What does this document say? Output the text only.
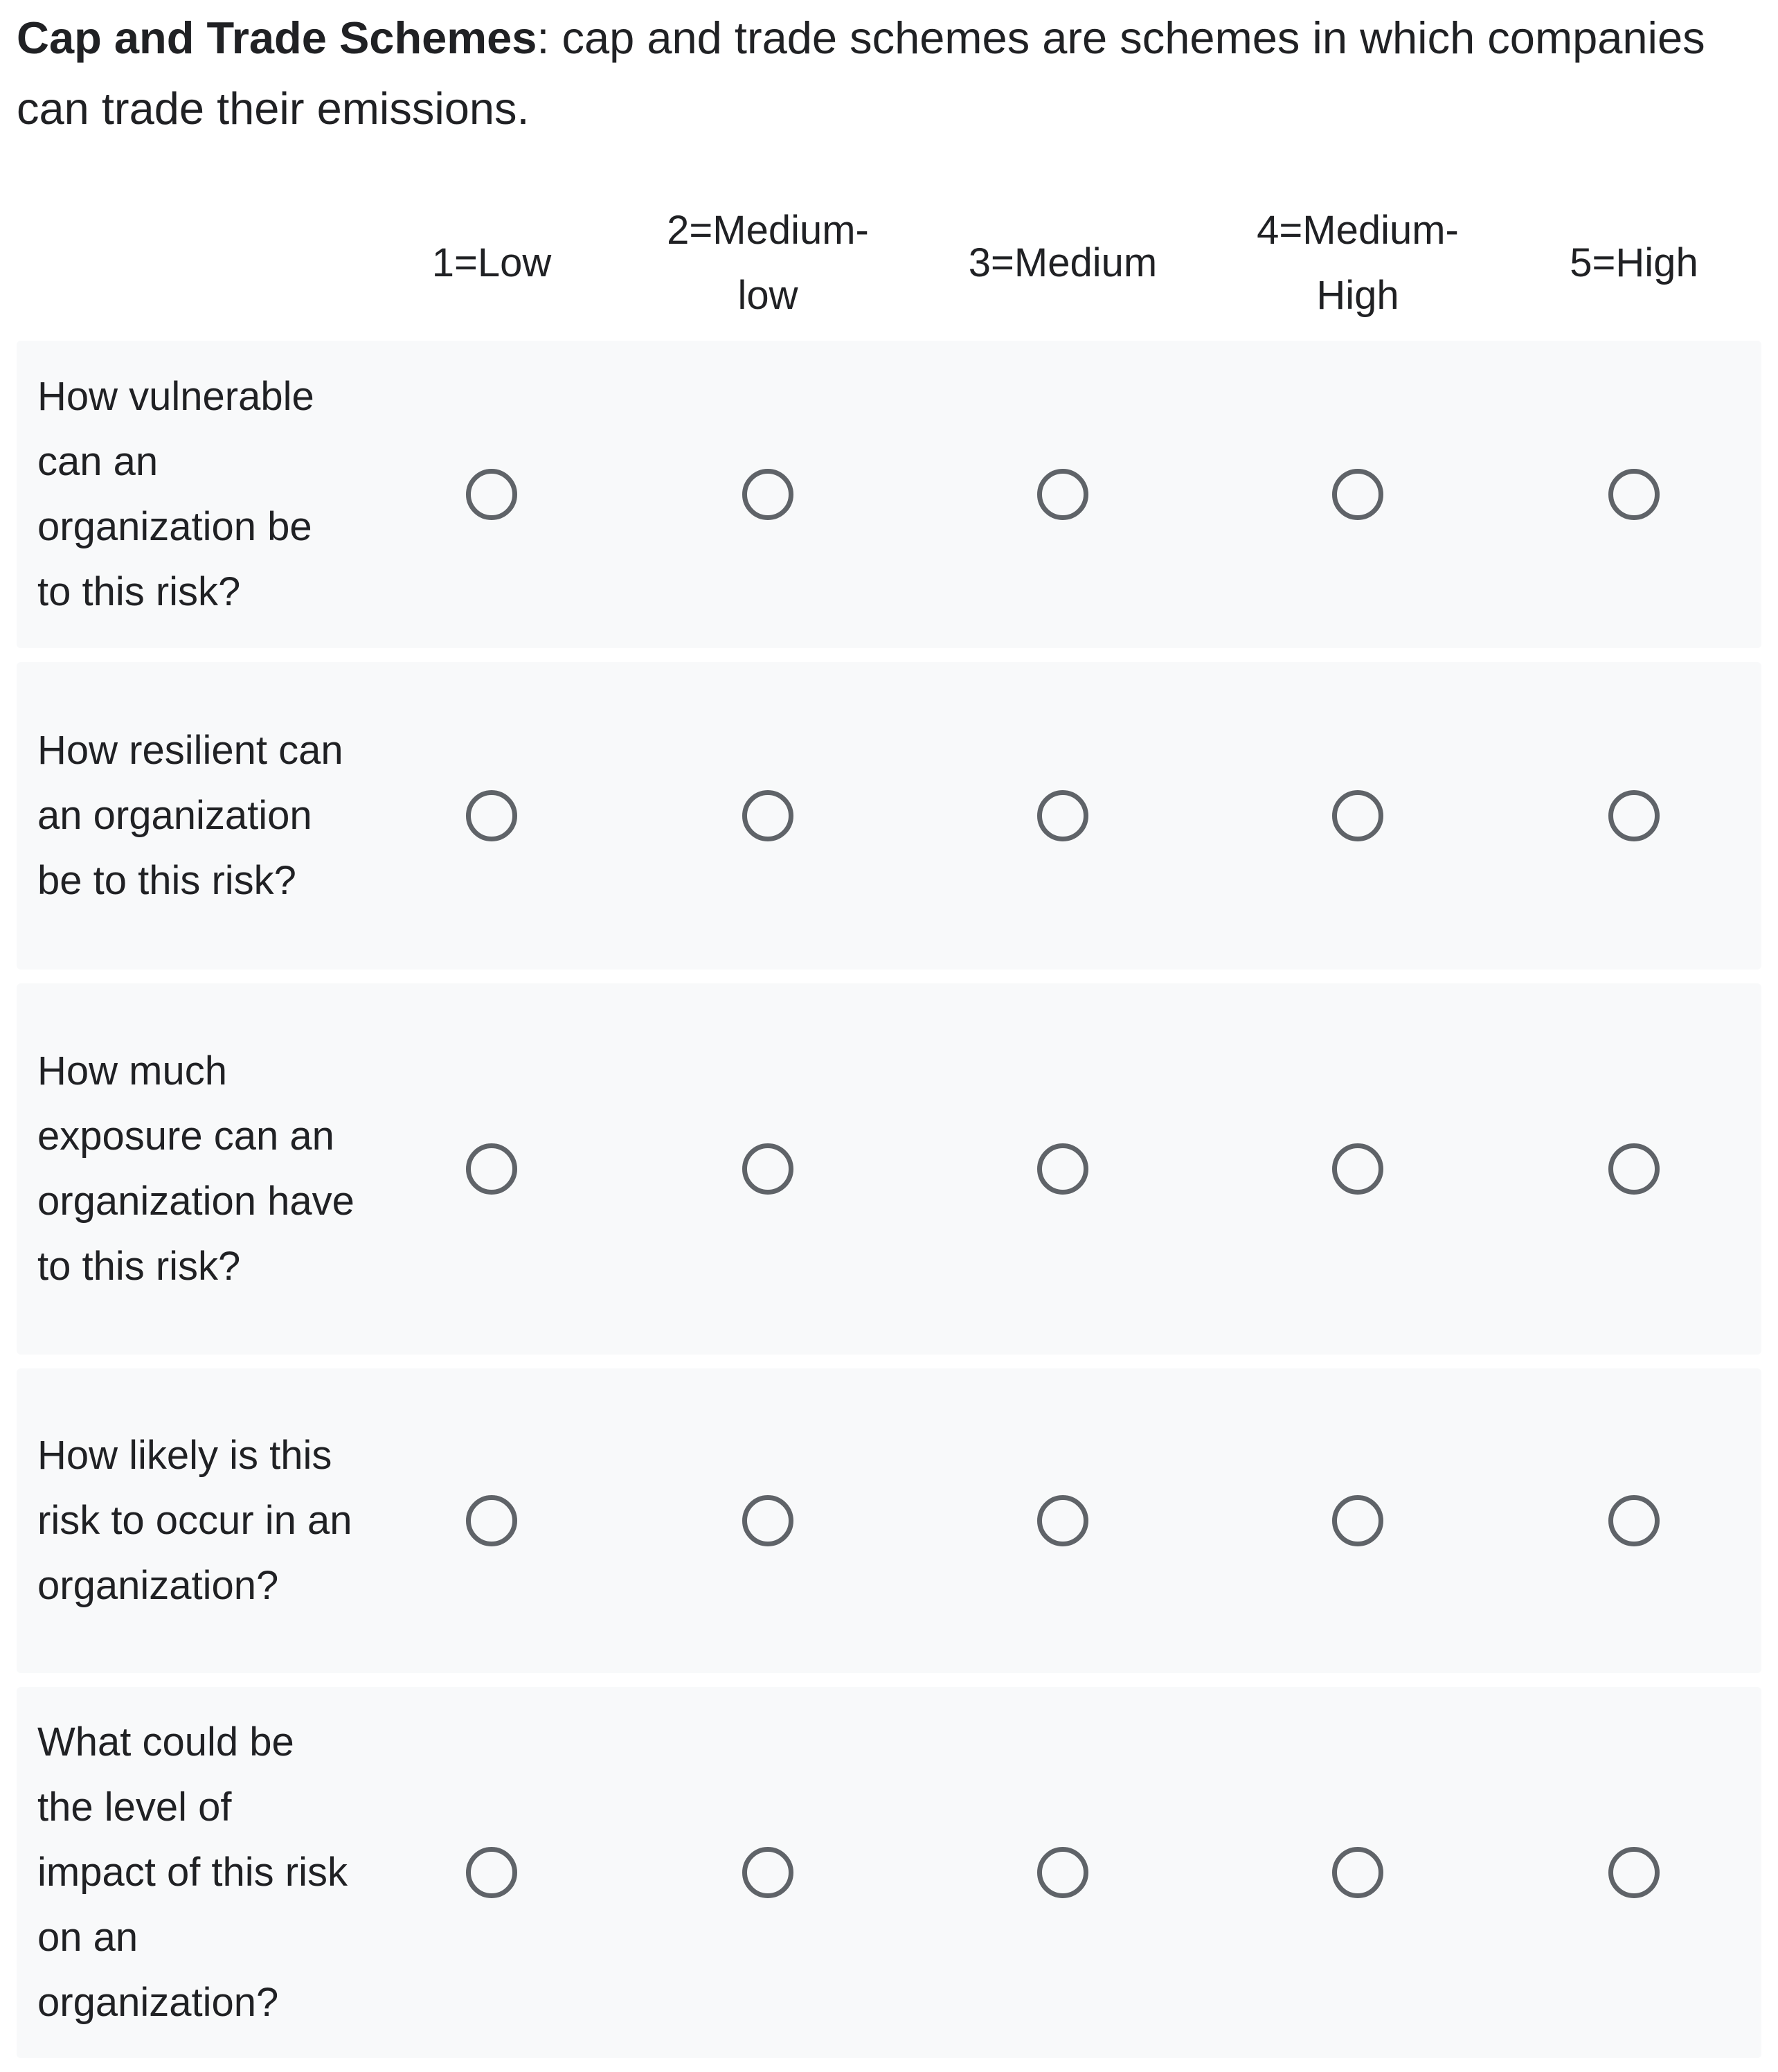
Cap and Trade Schemes: cap and trade schemes are schemes in which companies can trade their emissions.

1=Low
2=Medium-
low
3=Medium
4=Medium-
High
5=High
How vulnerable can an organization be to this risk?
How resilient can an organization be to this risk?
How much exposure can an organization have to this risk?
How likely is this risk to occur in an organization?
What could be the level of impact of this risk on an organization?
